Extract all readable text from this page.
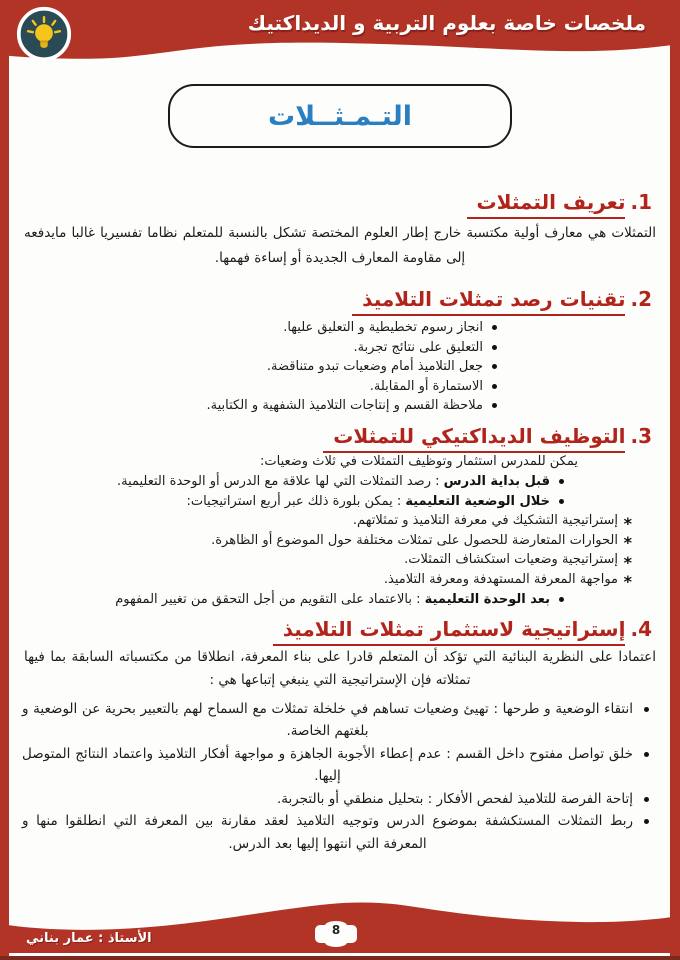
ملخصات خاصة بعلوم التربية و الديداكتيك
التـمـثــلات
1.تعريف التمثلات

التمثلات هي معارف أولية مكتسبة خارج إطار العلوم المختصة تشكل بالنسبة للمتعلم نظاما تفسيريا غالبا مايدفعه إلى مقاومة المعارف الجديدة أو إساءة فهمها.

2.تقنيات رصد تمثلات التلاميذ
انجاز رسوم تخطيطية و التعليق عليها.
التعليق على نتائج تجربة.
جعل التلاميذ أمام وضعيات تبدو متناقضة.
الاستمارة أو المقابلة.
ملاحظة القسم و إنتاجات التلاميذ الشفهية و الكتابية.
3.التوظيف الديداكتيكي للتمثلات

يمكن للمدرس استثمار وتوظيف التمثلات في ثلاث وضعيات:

قبل بداية الدرس : رصد التمثلات التي لها علاقة مع الدرس أو الوحدة التعليمية.
خلال الوضعية التعليمية : يمكن بلورة ذلك عبر أربع استراتيجيات:
* إستراتيجية التشكيك في معرفة التلاميذ و تمثلاتهم.
* الحوارات المتعارضة للحصول على تمثلات مختلفة حول الموضوع أو الظاهرة.
* إستراتيجية وضعيات استكشاف التمثلات.
* مواجهة المعرفة المستهدفة ومعرفة التلاميذ.
بعد الوحدة التعليمية : بالاعتماد على التقويم من أجل التحقق من تغيير المفهوم
4.إستراتيجية لاستثمار تمثلات التلاميذ

اعتمادا على النظرية البنائية التي تؤكد أن المتعلم قادرا على بناء المعرفة، انطلاقا من مكتسباته السابقة بما فيها تمثلاته فإن الإستراتيجية التي ينبغي إتباعها هي :

انتقاء الوضعية و طرحها : تهيئ وضعيات تساهم في خلخلة تمثلات مع السماح لهم بالتعبير بحرية عن الوضعية و بلغتهم الخاصة.
خلق تواصل مفتوح داخل القسم : عدم إعطاء الأجوبة الجاهزة و مواجهة أفكار التلاميذ واعتماد النتائج المتوصل إليها.
إتاحة الفرصة للتلاميذ لفحص الأفكار : بتحليل منطقي أو بالتجربة.
ربط التمثلات المستكشفة بموضوع الدرس وتوجيه التلاميذ لعقد مقارنة بين المعرفة التي انطلقوا منها و المعرفة التي انتهوا إليها بعد الدرس.
8
الأستاذ : عمار بناني
